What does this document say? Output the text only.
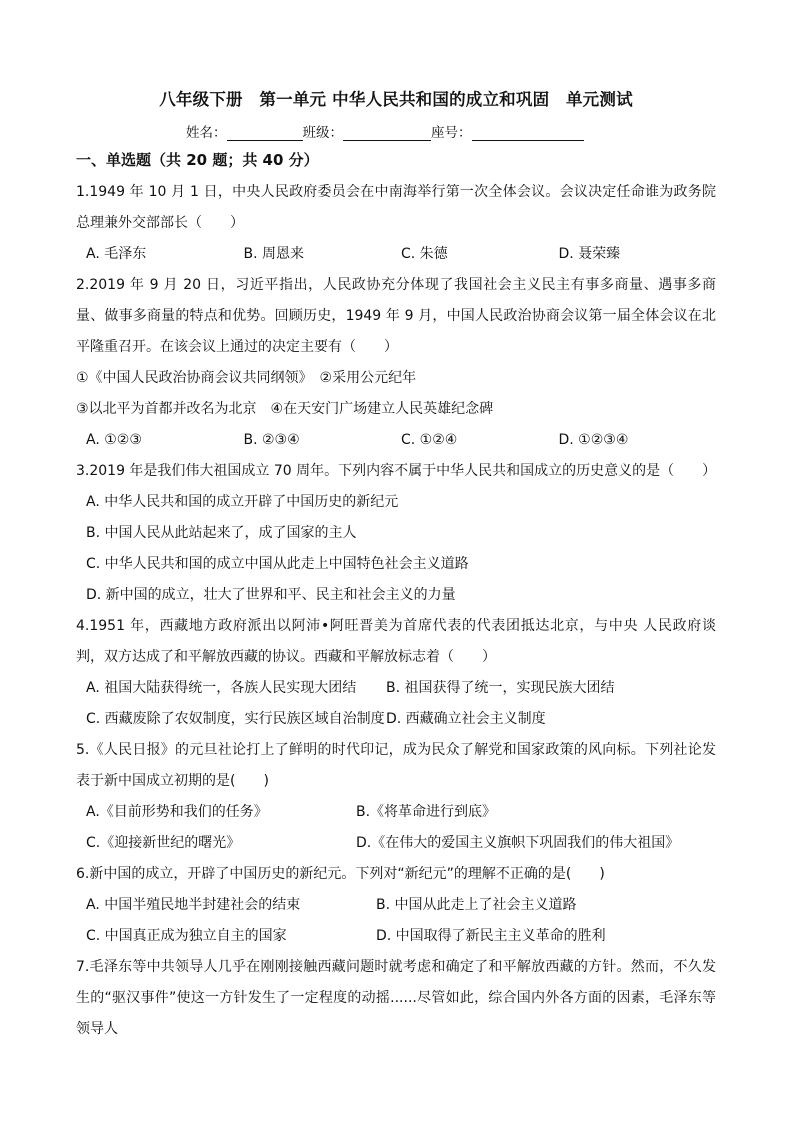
八年级下册　第一单元 中华人民共和国的成立和巩固　单元测试
姓名：	班级：	座号：
一、单选题（共 20 题；共 40 分）

1.1949 年 10 月 1 日，中央人民政府委员会在中南海举行第一次全体会议。会议决定任命谁为政务院总理兼外交部部长（　　）

A. 毛泽东	B. 周恩来	C. 朱德	D. 聂荣臻

2.2019 年 9 月 20 日，习近平指出，人民政协充分体现了我国社会主义民主有事多商量、遇事多商量、做事多商量的特点和优势。回顾历史，1949 年 9 月，中国人民政治协商会议第一届全体会议在北平隆重召开。在该会议上通过的决定主要有（　　）

①《中国人民政治协商会议共同纲领》　②采用公元纪年

③以北平为首都并改名为北京　④在天安门广场建立人民英雄纪念碑

A. ①②③	B. ②③④	C. ①②④	D. ①②③④

3.2019 年是我们伟大祖国成立 70 周年。下列内容不属于中华人民共和国成立的历史意义的是（　　）

A. 中华人民共和国的成立开辟了中国历史的新纪元
B. 中国人民从此站起来了，成了国家的主人
C. 中华人民共和国的成立中国从此走上中国特色社会主义道路
D. 新中国的成立，壮大了世界和平、民主和社会主义的力量

4.1951 年，西藏地方政府派出以阿沛•阿旺晋美为首席代表的代表团抵达北京，与中央 人民政府谈判，双方达成了和平解放西藏的协议。西藏和平解放标志着（　　）

A. 祖国大陆获得统一，各族人民实现大团结	B. 祖国获得了统一，实现民族大团结
C. 西藏废除了农奴制度，实行民族区域自治制度 D. 西藏确立社会主义制度

5.《人民日报》的元旦社论打上了鲜明的时代印记，成为民众了解党和国家政策的风向标。下列社论发表于新中国成立初期的是(　　)

A.《目前形势和我们的任务》	B.《将革命进行到底》
C.《迎接新世纪的曙光》	D.《在伟大的爱国主义旗帜下巩固我们的伟大祖国》

6.新中国的成立，开辟了中国历史的新纪元。下列对“新纪元”的理解不正确的是(　　)

A. 中国半殖民地半封建社会的结束	B. 中国从此走上了社会主义道路
C. 中国真正成为独立自主的国家	D. 中国取得了新民主主义革命的胜利

7.毛泽东等中共领导人几乎在刚刚接触西藏问题时就考虑和确定了和平解放西藏的方针。然而，不久发生的“驱汉事件”使这一方针发生了一定程度的动摇......尽管如此，综合国内外各方面的因素，毛泽东等领导人
